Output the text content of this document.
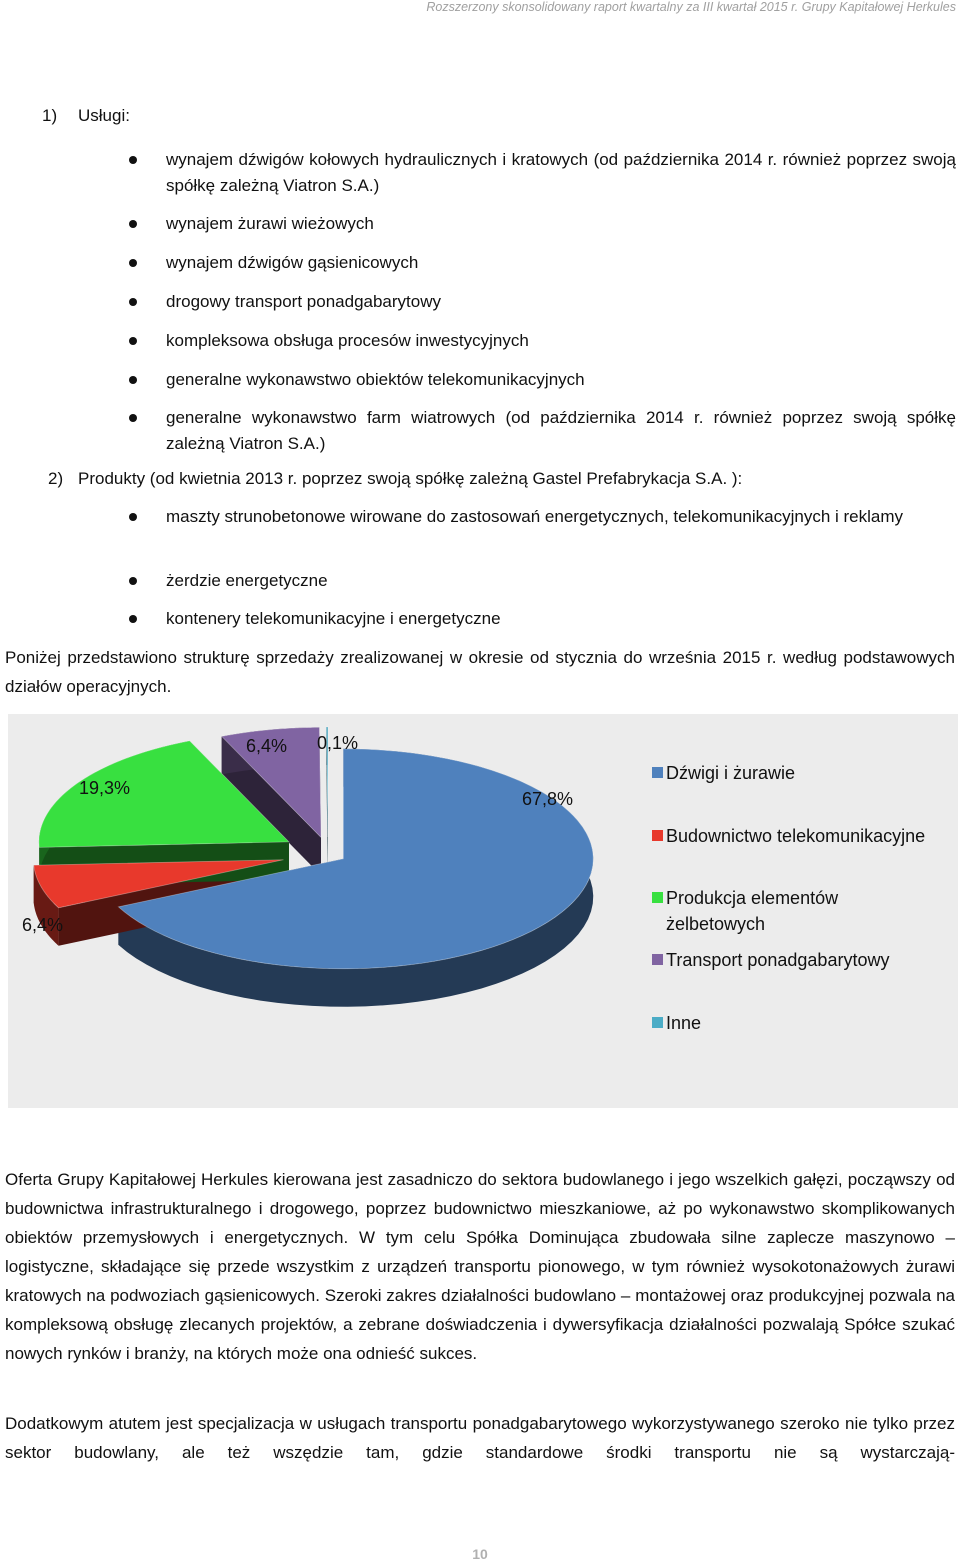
Rozszerzony skonsolidowany raport kwartalny za III kwartał 2015 r. Grupy Kapitałowej Herkules
1) Usługi:
wynajem dźwigów kołowych hydraulicznych i kratowych (od października 2014 r. również poprzez swoją spółkę zależną Viatron S.A.)
wynajem żurawi wieżowych
wynajem dźwigów gąsienicowych
drogowy transport ponadgabarytowy
kompleksowa obsługa procesów inwestycyjnych
generalne wykonawstwo obiektów telekomunikacyjnych
generalne wykonawstwo farm wiatrowych (od października 2014 r. również poprzez swoją spółkę zależną Viatron S.A.)
2) Produkty (od kwietnia 2013 r. poprzez swoją spółkę zależną Gastel Prefabrykacja S.A. ):
maszty strunobetonowe wirowane do zastosowań energetycznych, telekomunikacyjnych i reklamy
żerdzie energetyczne
kontenery telekomunikacyjne i energetyczne
Poniżej przedstawiono strukturę sprzedaży zrealizowanej w okresie od stycznia do września 2015 r. według podstawowych działów operacyjnych.
67,8%
6,4%
19,3%
6,4% 0,1%
Dźwigi i żurawie
Budownictwo telekomunikacyjne
Produkcja elementów żelbetowych
Transport ponadgabarytowy
Inne
Oferta Grupy Kapitałowej Herkules kierowana jest zasadniczo do sektora budowlanego i jego wszelkich gałęzi, począwszy od budownictwa infrastrukturalnego i drogowego, poprzez budownictwo mieszkaniowe, aż po wykonawstwo skomplikowanych obiektów przemysłowych i energetycznych. W tym celu Spółka Dominująca zbudowała silne zaplecze maszynowo – logistyczne, składające się przede wszystkim z urządzeń transportu pionowego, w tym również wysokotonażowych żurawi kratowych na podwoziach gąsienicowych. Szeroki zakres działalności budowlano – montażowej oraz produkcyjnej pozwala na kompleksową obsługę zlecanych projektów, a zebrane doświadczenia i dywersyfikacja działalności pozwalają Spółce szukać nowych rynków i branży, na których może ona odnieść sukces.
Dodatkowym atutem jest specjalizacja w usługach transportu ponadgabarytowego wykorzystywanego szeroko nie tylko przez sektor budowlany, ale też wszędzie tam, gdzie standardowe środki transportu nie są wystarczają-
10
